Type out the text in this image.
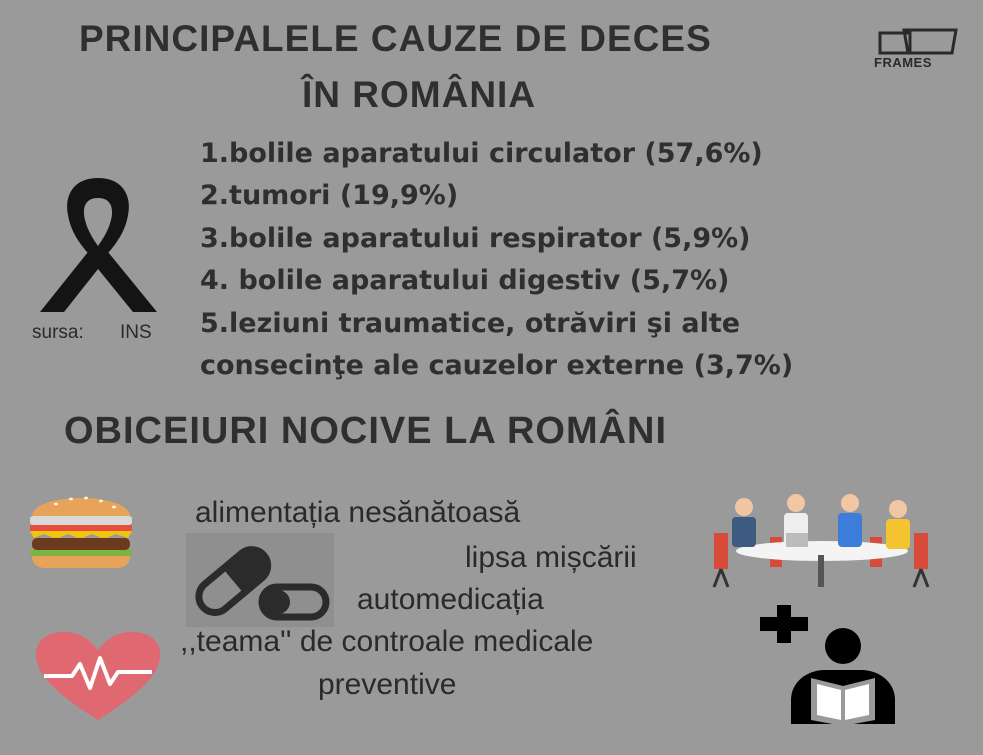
PRINCIPALELE CAUZE DE DECES
ÎN ROMÂNIA
FRAMES
sursa: INS
1.bolile aparatului circulator (57,6%)
2.tumori (19,9%)
3.bolile aparatului respirator (5,9%)
4. bolile aparatului digestiv (5,7%)
5.leziuni traumatice, otrăviri şi alte
consecinţe ale cauzelor externe (3,7%)
OBICEIURI NOCIVE LA ROMÂNI
alimentația nesănătoasă
lipsa mișcării
automedicația
,,teama'' de controale medicale
preventive
